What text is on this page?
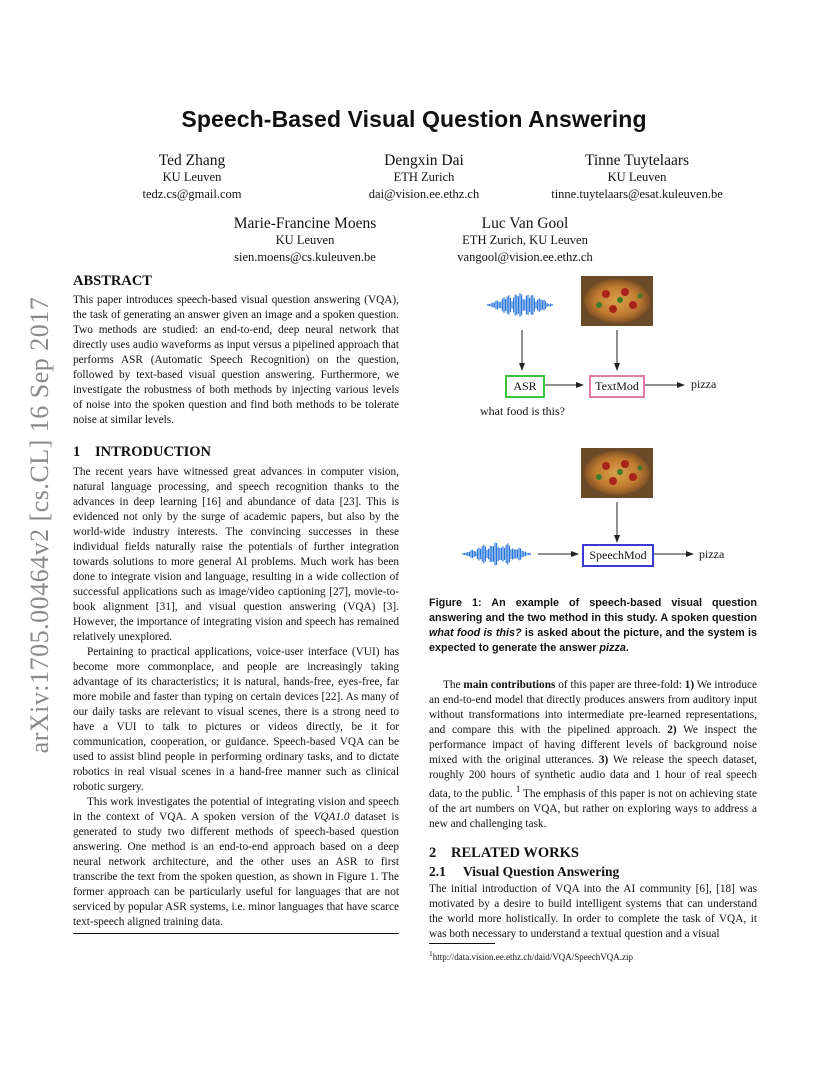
arXiv:1705.00464v2 [cs.CL] 16 Sep 2017
Speech-Based Visual Question Answering
Ted Zhang
KU Leuven
tedz.cs@gmail.com
Dengxin Dai
ETH Zurich
dai@vision.ee.ethz.ch
Tinne Tuytelaars
KU Leuven
tinne.tuytelaars@esat.kuleuven.be
Marie-Francine Moens
KU Leuven
sien.moens@cs.kuleuven.be
Luc Van Gool
ETH Zurich, KU Leuven
vangool@vision.ee.ethz.ch
ABSTRACT

This paper introduces speech-based visual question answering (VQA), the task of generating an answer given an image and a spoken question. Two methods are studied: an end-to-end, deep neural network that directly uses audio waveforms as input versus a pipelined approach that performs ASR (Automatic Speech Recognition) on the question, followed by text-based visual question answering. Furthermore, we investigate the robustness of both methods by injecting various levels of noise into the spoken question and find both methods to be tolerate noise at similar levels.

1 INTRODUCTION

The recent years have witnessed great advances in computer vision, natural language processing, and speech recognition thanks to the advances in deep learning [16] and abundance of data [23]. This is evidenced not only by the surge of academic papers, but also by the world-wide industry interests. The convincing successes in these individual fields naturally raise the potentials of further integration towards solutions to more general AI problems. Much work has been done to integrate vision and language, resulting in a wide collection of successful applications such as image/video captioning [27], movie-to-book alignment [31], and visual question answering (VQA) [3]. However, the importance of integrating vision and speech has remained relatively unexplored.

Pertaining to practical applications, voice-user interface (VUI) has become more commonplace, and people are increasingly taking advantage of its characteristics; it is natural, hands-free, eyes-free, far more mobile and faster than typing on certain devices [22]. As many of our daily tasks are relevant to visual scenes, there is a strong need to have a VUI to talk to pictures or videos directly, be it for communication, cooperation, or guidance. Speech-based VQA can be used to assist blind people in performing ordinary tasks, and to dictate robotics in real visual scenes in a hand-free manner such as clinical robotic surgery.

This work investigates the potential of integrating vision and speech in the context of VQA. A spoken version of the VQA1.0 dataset is generated to study two different methods of speech-based question answering. One method is an end-to-end approach based on a deep neural network architecture, and the other uses an ASR to first transcribe the text from the spoken question, as shown in Figure 1. The former approach can be particularly useful for languages that are not serviced by popular ASR systems, i.e. minor languages that have scarce text-speech aligned training data.

ASR	TextMod	pizza
what food is this?
SpeechMod	pizza
Figure 1: An example of speech-based visual question answering and the two method in this study. A spoken question what food is this? is asked about the picture, and the system is expected to generate the answer pizza.

The main contributions of this paper are three-fold: 1) We introduce an end-to-end model that directly produces answers from auditory input without transformations into intermediate pre-learned representations, and compare this with the pipelined approach. 2) We inspect the performance impact of having different levels of background noise mixed with the original utterances. 3) We release the speech dataset, roughly 200 hours of synthetic audio data and 1 hour of real speech data, to the public. $^1$ The emphasis of this paper is not on achieving state of the art numbers on VQA, but rather on exploring ways to address a new and challenging task.

2 RELATED WORKS
2.1 Visual Question Answering

The initial introduction of VQA into the AI community [6], [18] was motivated by a desire to build intelligent systems that can understand the world more holistically. In order to complete the task of VQA, it was both necessary to understand a textual question and a visual

$^1$http://data.vision.ee.ethz.ch/daid/VQA/SpeechVQA.zip
